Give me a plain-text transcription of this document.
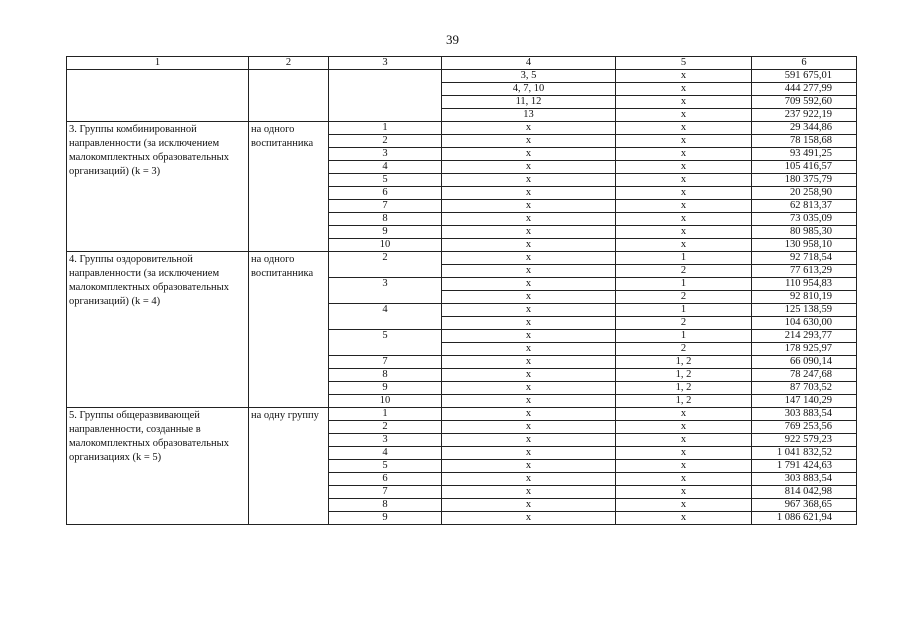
39
1	2	3	4	5	6
			3, 5	х	591 675,01
			4, 7, 10	х	444 277,99
			11, 12	х	709 592,60
			13	х	237 922,19
3. Группы комбинированной направленности (за исключением малокомплектных образовательных организаций) (k = 3)	на одного воспитанника	1	х	х	29 344,86
		2	х	х	78 158,68
		3	х	х	93 491,25
		4	х	х	105 416,57
		5	х	х	180 375,79
		6	х	х	20 258,90
		7	х	х	62 813,37
		8	х	х	73 035,09
		9	х	х	80 985,30
		10	х	х	130 958,10
4. Группы оздоровительной направленности (за исключением малокомплектных образовательных организаций) (k = 4)	на одного воспитанника	2	х	1	92 718,54
			х	2	77 613,29
		3	х	1	110 954,83
			х	2	92 810,19
		4	х	1	125 138,59
			х	2	104 630,00
		5	х	1	214 293,77
			х	2	178 925,97
		7	х	1, 2	66 090,14
		8	х	1, 2	78 247,68
		9	х	1, 2	87 703,52
		10	х	1, 2	147 140,29
5. Группы общеразвивающей направленности, созданные в малокомплектных образовательных организациях (k = 5)	на одну группу	1	х	х	303 883,54
		2	х	х	769 253,56
		3	х	х	922 579,23
		4	х	х	1 041 832,52
		5	х	х	1 791 424,63
		6	х	х	303 883,54
		7	х	х	814 042,98
		8	х	х	967 368,65
		9	х	х	1 086 621,94
